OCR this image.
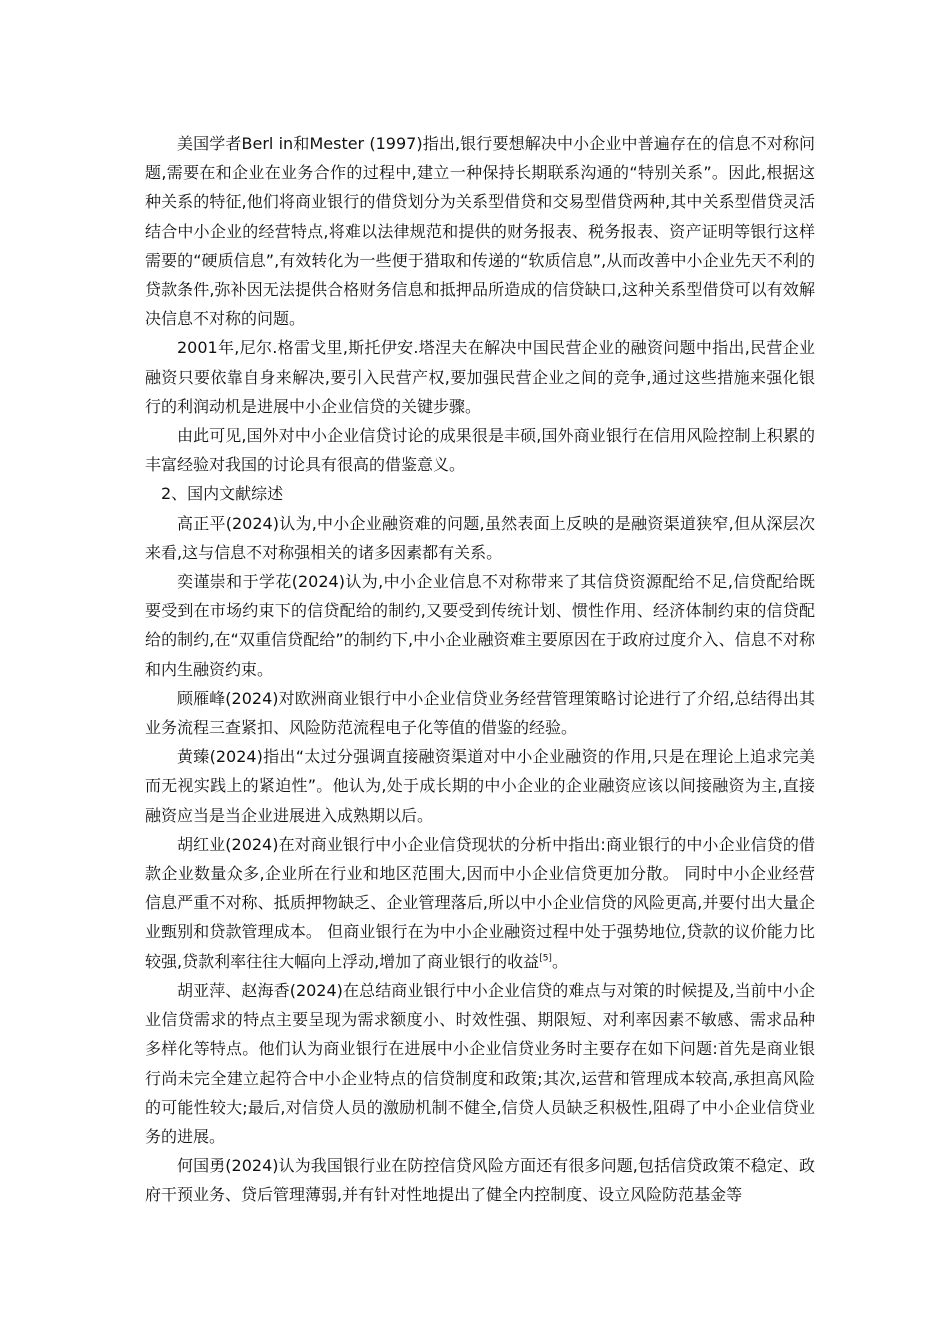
美国学者Berl in和Mester (1997)指出,银行要想解决中小企业中普遍存在的信息不对称问题,需要在和企业在业务合作的过程中,建立一种保持长期联系沟通的“特别关系”。因此,根据这种关系的特征,他们将商业银行的借贷划分为关系型借贷和交易型借贷两种,其中关系型借贷灵活结合中小企业的经营特点,将难以法律规范和提供的财务报表、税务报表、资产证明等银行这样需要的“硬质信息”,有效转化为一些便于猎取和传递的“软质信息”,从而改善中小企业先天不利的贷款条件,弥补因无法提供合格财务信息和抵押品所造成的信贷缺口,这种关系型借贷可以有效解决信息不对称的问题。

2001年,尼尔.格雷戈里,斯托伊安.塔涅夫在解决中国民营企业的融资问题中指出,民营企业融资只要依靠自身来解决,要引入民营产权,要加强民营企业之间的竞争,通过这些措施来强化银行的利润动机是进展中小企业信贷的关键步骤。

由此可见,国外对中小企业信贷讨论的成果很是丰硕,国外商业银行在信用风险控制上积累的丰富经验对我国的讨论具有很高的借鉴意义。

2、国内文献综述

高正平(2024)认为,中小企业融资难的问题,虽然表面上反映的是融资渠道狭窄,但从深层次来看,这与信息不对称强相关的诸多因素都有关系。

奕谨崇和于学花(2024)认为,中小企业信息不对称带来了其信贷资源配给不足,信贷配给既要受到在市场约束下的信贷配给的制约,又要受到传统计划、惯性作用、经济体制约束的信贷配给的制约,在“双重信贷配给”的制约下,中小企业融资难主要原因在于政府过度介入、信息不对称和内生融资约束。

顾雁峰(2024)对欧洲商业银行中小企业信贷业务经营管理策略讨论进行了介绍,总结得出其业务流程三查紧扣、风险防范流程电子化等值的借鉴的经验。

黄臻(2024)指出“太过分强调直接融资渠道对中小企业融资的作用,只是在理论上追求完美而无视实践上的紧迫性”。他认为,处于成长期的中小企业的企业融资应该以间接融资为主,直接融资应当是当企业进展进入成熟期以后。

胡红业(2024)在对商业银行中小企业信贷现状的分析中指出:商业银行的中小企业信贷的借款企业数量众多,企业所在行业和地区范围大,因而中小企业信贷更加分散。 同时中小企业经营信息严重不对称、抵质押物缺乏、企业管理落后,所以中小企业信贷的风险更高,并要付出大量企业甄别和贷款管理成本。 但商业银行在为中小企业融资过程中处于强势地位,贷款的议价能力比较强,贷款利率往往大幅向上浮动,增加了商业银行的收益[5]。

胡亚萍、赵海香(2024)在总结商业银行中小企业信贷的难点与对策的时候提及,当前中小企业信贷需求的特点主要呈现为需求额度小、时效性强、期限短、对利率因素不敏感、需求品种多样化等特点。他们认为商业银行在进展中小企业信贷业务时主要存在如下问题:首先是商业银行尚未完全建立起符合中小企业特点的信贷制度和政策;其次,运营和管理成本较高,承担高风险的可能性较大;最后,对信贷人员的激励机制不健全,信贷人员缺乏积极性,阻碍了中小企业信贷业务的进展。

何国勇(2024)认为我国银行业在防控信贷风险方面还有很多问题,包括信贷政策不稳定、政府干预业务、贷后管理薄弱,并有针对性地提出了健全内控制度、设立风险防范基金等
